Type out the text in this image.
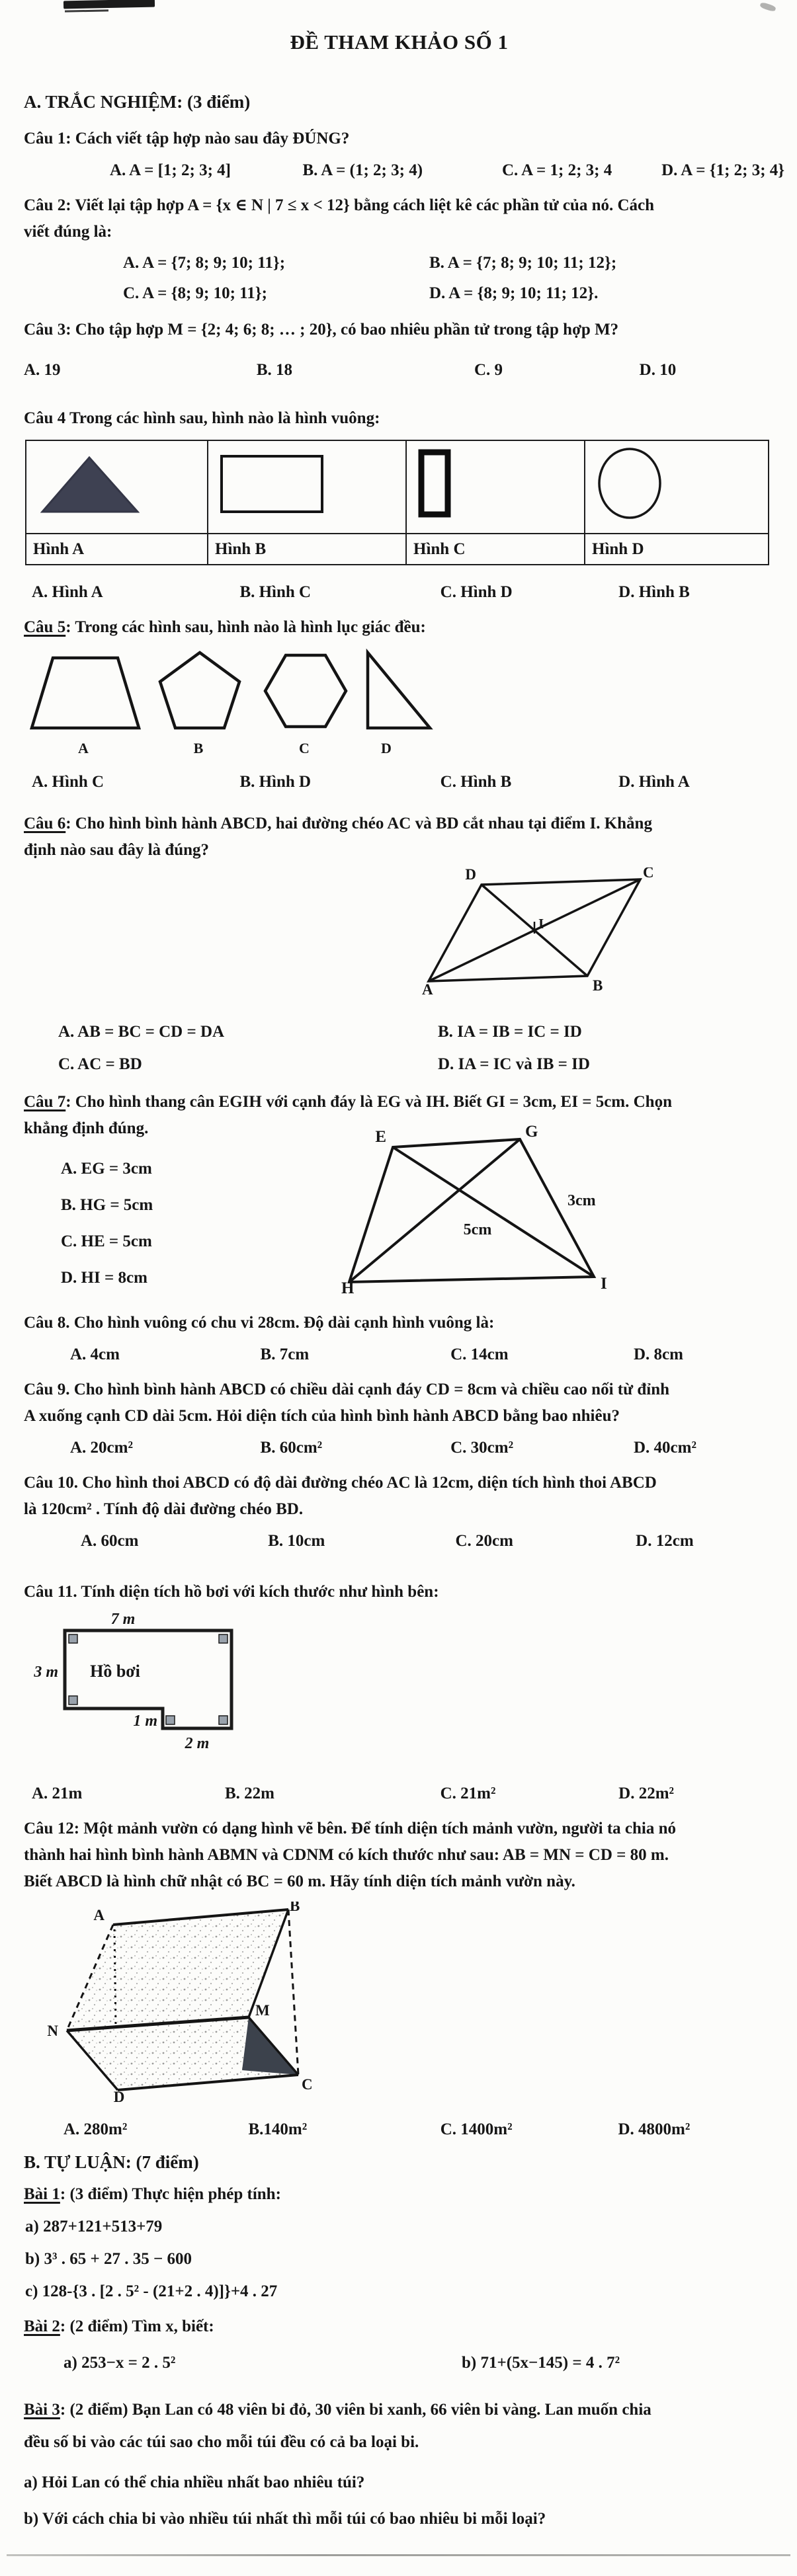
ĐỀ THAM KHẢO SỐ 1
A. TRẮC NGHIỆM: (3 điểm)
Câu 1: Cách viết tập hợp nào sau đây ĐÚNG?
A. A = [1; 2; 3; 4]	B. A = (1; 2; 3; 4)	C. A = 1; 2; 3; 4	D. A = {1; 2; 3; 4}
Câu 2: Viết lại tập hợp A = {x ∈ N | 7 ≤ x < 12} bằng cách liệt kê các phần tử của nó. Cách
viết đúng là:
A. A = {7; 8; 9; 10; 11};	B. A = {7; 8; 9; 10; 11; 12};
C. A = {8; 9; 10; 11};	D. A = {8; 9; 10; 11; 12}.
Câu 3: Cho tập hợp M = {2; 4; 6; 8; … ; 20}, có bao nhiêu phần tử trong tập hợp M?
A. 19	B. 18	C. 9	D. 10
Câu 4 Trong các hình sau, hình nào là hình vuông:

Hình A	Hình B	Hình C	Hình D
A. Hình A	B. Hình C	C. Hình D	D. Hình B
Câu 5: Trong các hình sau, hình nào là hình lục giác đều:
A	B	C	D
A. Hình C	B. Hình D	C. Hình B	D. Hình A
Câu 6: Cho hình bình hành ABCD, hai đường chéo AC và BD cắt nhau tại điểm I. Khẳng
định nào sau đây là đúng?
D	C
A	B
I
A. AB = BC = CD = DA	B. IA = IB = IC = ID
C. AC = BD	D. IA = IC và IB = ID
Câu 7: Cho hình thang cân EGIH với cạnh đáy là EG và IH. Biết GI = 3cm, EI = 5cm. Chọn
khẳng định đúng.
A. EG = 3cm
B. HG = 5cm
C. HE = 5cm
D. HI = 8cm
E	G
H	I
3cm
5cm
Câu 8. Cho hình vuông có chu vi 28cm. Độ dài cạnh hình vuông là:
A. 4cm	B. 7cm	C. 14cm	D. 8cm
Câu 9. Cho hình bình hành ABCD có chiều dài cạnh đáy CD = 8cm và chiều cao nối từ đỉnh
A xuống cạnh CD dài 5cm. Hỏi diện tích của hình bình hành ABCD bằng bao nhiêu?
A. 20cm²	B. 60cm²	C. 30cm²	D. 40cm²
Câu 10. Cho hình thoi ABCD có độ dài đường chéo AC là 12cm, diện tích hình thoi ABCD
là 120cm² . Tính độ dài đường chéo BD.
A. 60cm	B. 10cm	C. 20cm	D. 12cm
Câu 11. Tính diện tích hồ bơi với kích thước như hình bên:
7 m
3 m
1 m
2 m
Hồ bơi
A. 21m	B. 22m	C. 21m²	D. 22m²
Câu 12: Một mảnh vườn có dạng hình vẽ bên. Để tính diện tích mảnh vườn, người ta chia nó
thành hai hình bình hành ABMN và CDNM có kích thước như sau: AB = MN = CD = 80 m.
Biết ABCD là hình chữ nhật có BC = 60 m. Hãy tính diện tích mảnh vườn này.
A
B
N
M
D
C
A. 280m²	B.140m²	C. 1400m²	D. 4800m²
B. TỰ LUẬN: (7 điểm)
Bài 1: (3 điểm) Thực hiện phép tính:
a) 287+121+513+79
b) 3³ . 65 + 27 . 35 − 600
c) 128-{3 . [2 . 5² - (21+2 . 4)]}+4 . 27
Bài 2: (2 điểm) Tìm x, biết:
a) 253−x = 2 . 5²	b) 71+(5x−145) = 4 . 7²
Bài 3: (2 điểm) Bạn Lan có 48 viên bi đỏ, 30 viên bi xanh, 66 viên bi vàng. Lan muốn chia
đều số bi vào các túi sao cho mỗi túi đều có cả ba loại bi.
a) Hỏi Lan có thể chia nhiều nhất bao nhiêu túi?
b) Với cách chia bi vào nhiều túi nhất thì mỗi túi có bao nhiêu bi mỗi loại?
